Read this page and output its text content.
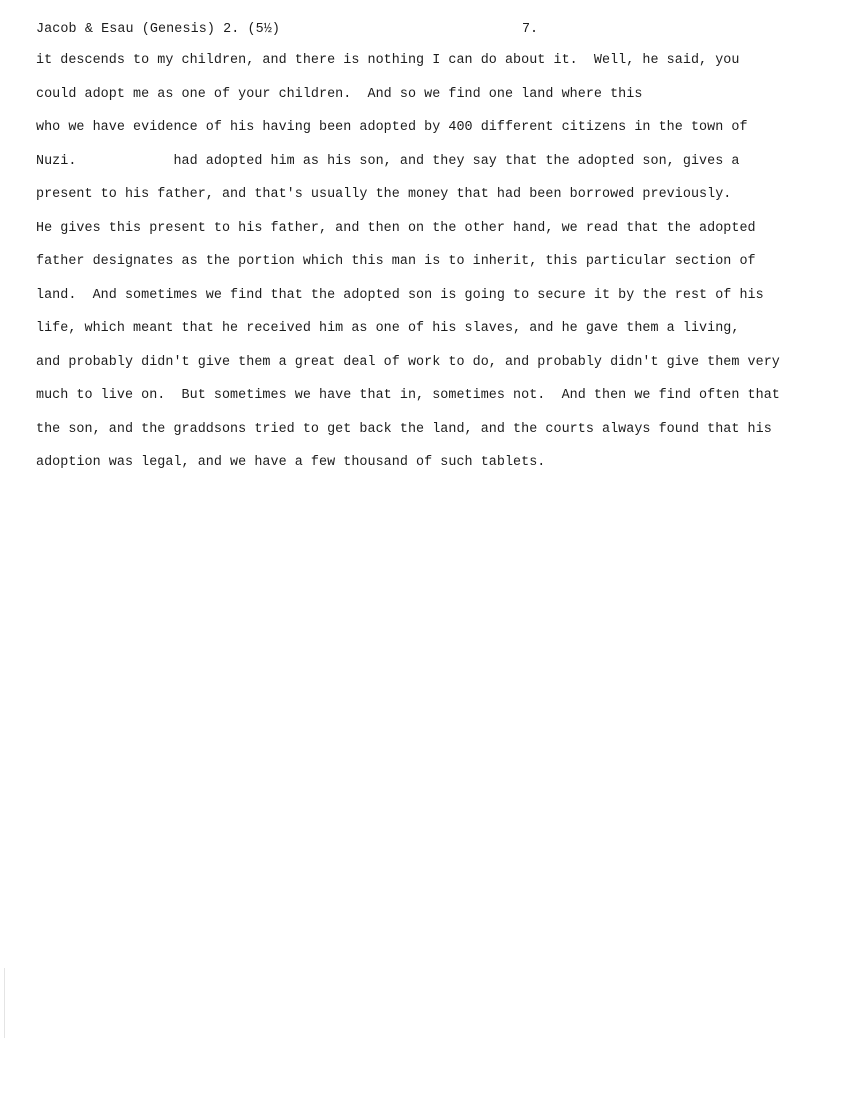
Jacob & Esau (Genesis) 2. (5½)	7.
it descends to my children, and there is nothing I can do about it.  Well, he said, you
could adopt me as one of your children.  And so we find one land where this
who we have evidence of his having been adopted by 400 different citizens in the town of
Nuzi.            had adopted him as his son, and they say that the adopted son, gives a
present to his father, and that's usually the money that had been borrowed previously.
He gives this present to his father, and then on the other hand, we read that the adopted
father designates as the portion which this man is to inherit, this particular section of
land.  And sometimes we find that the adopted son is going to secure it by the rest of his
life, which meant that he received him as one of his slaves, and he gave them a living,
and probably didn't give them a great deal of work to do, and probably didn't give them very
much to live on.  But sometimes we have that in, sometimes not.  And then we find often that
the son, and the graddsons tried to get back the land, and the courts always found that his
adoption was legal, and we have a few thousand of such tablets.
